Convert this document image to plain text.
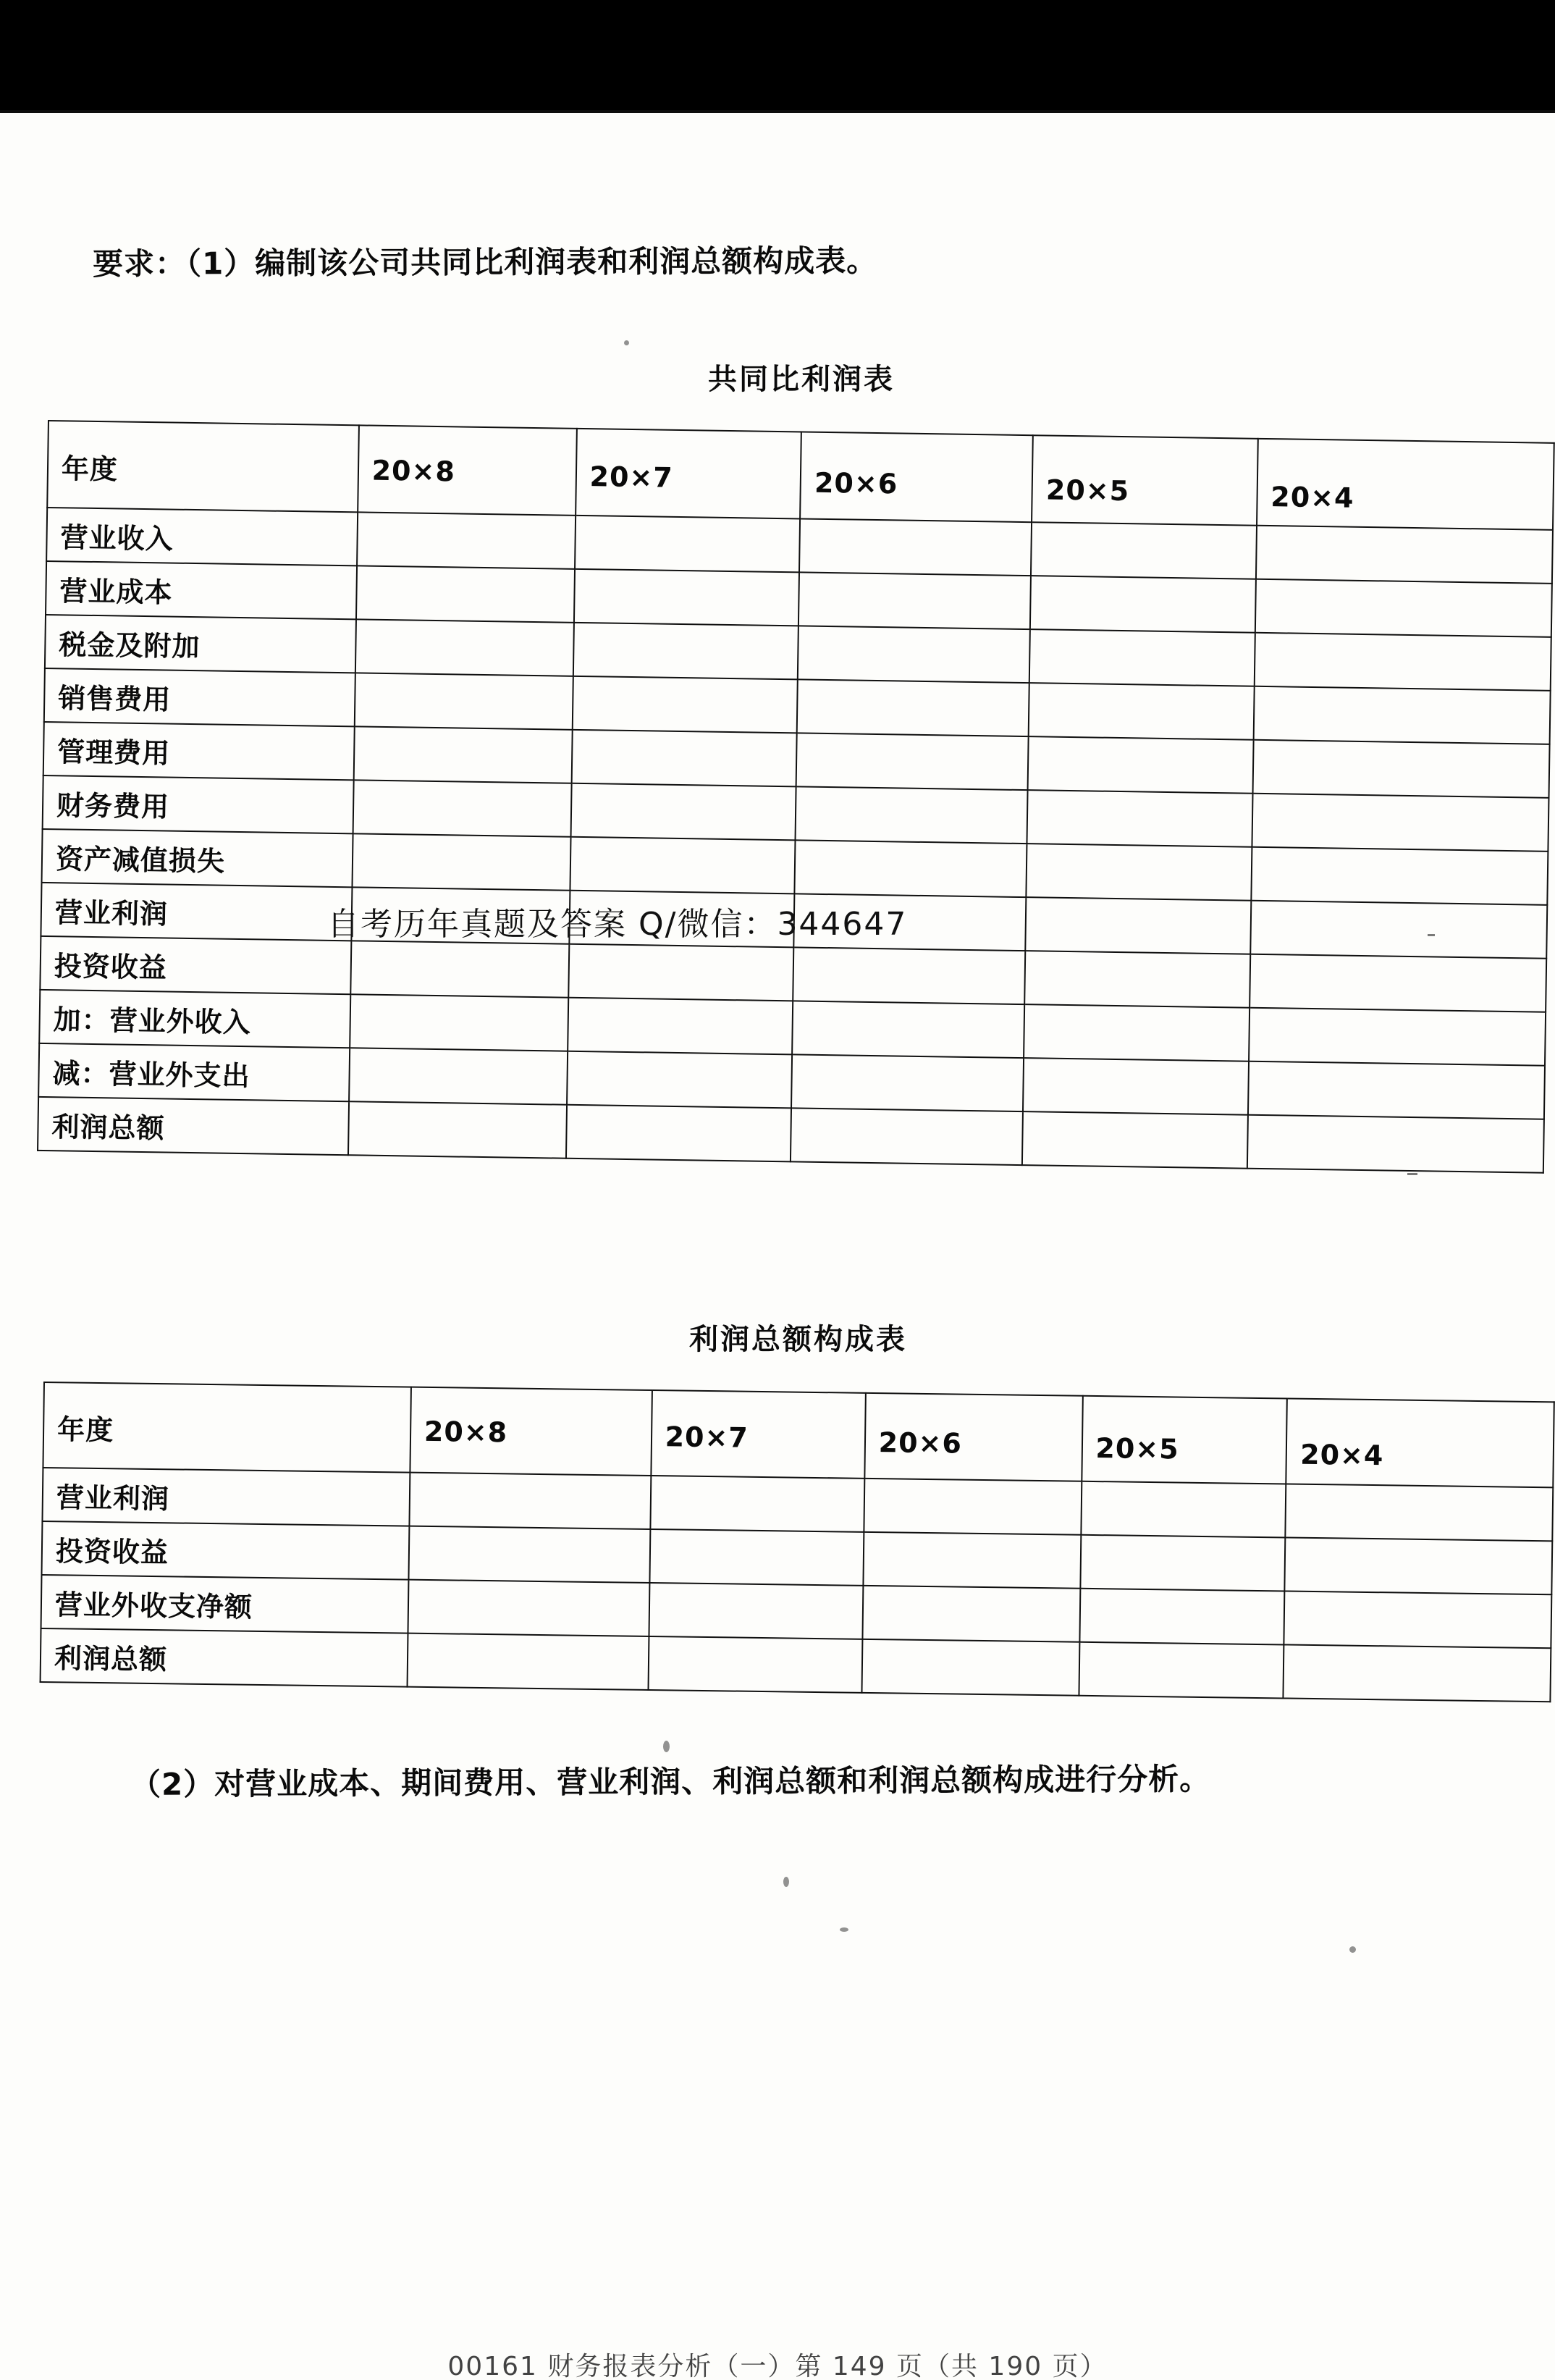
要求：（1）编制该公司共同比利润表和利润总额构成表。
共同比利润表
年度	20×8	20×7	20×6	20×5	20×4
营业收入					
营业成本					
税金及附加					
销售费用					
管理费用					
财务费用					
资产减值损失					
营业利润					
投资收益					
加：营业外收入					
减：营业外支出					
利润总额					
自考历年真题及答案 Q/微信：344647
利润总额构成表
年度	20×8	20×7	20×6	20×5	20×4
营业利润					
投资收益					
营业外收支净额					
利润总额					
（2）对营业成本、期间费用、营业利润、利润总额和利润总额构成进行分析。
00161 财务报表分析（一）第 149 页（共 190 页）
